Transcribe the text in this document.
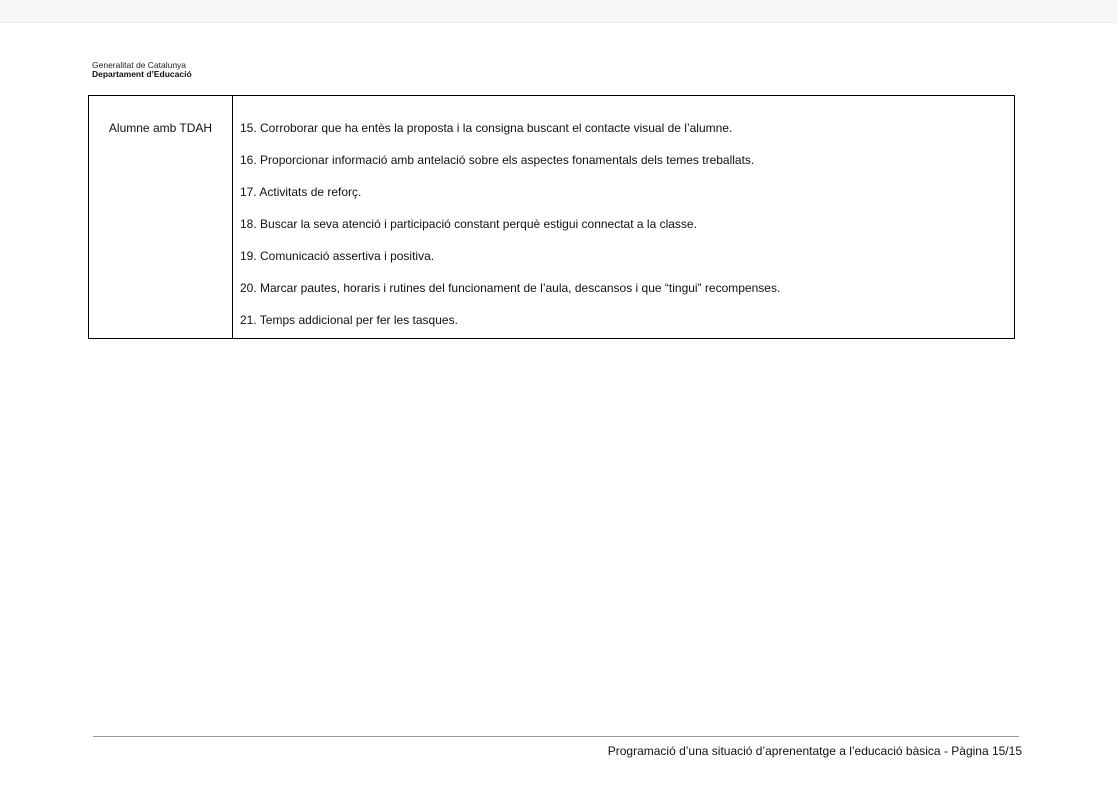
Generalitat de Catalunya
Departament d’Educació
Alumne amb TDAH	15. Corroborar que ha entès la proposta i la consigna buscant el contacte visual de l’alumne.
16. Proporcionar informació amb antelació sobre els aspectes fonamentals dels temes treballats.
17. Activitats de reforç.
18. Buscar la seva atenció i participació constant perquè estigui connectat a la classe.
19. Comunicació assertiva i positiva.
20. Marcar pautes, horaris i rutines del funcionament de l’aula, descansos i que “tingui” recompenses.
21. Temps addicional per fer les tasques.
Programació d’una situació d’aprenentatge a l’educació bàsica - Pàgina 15/15
